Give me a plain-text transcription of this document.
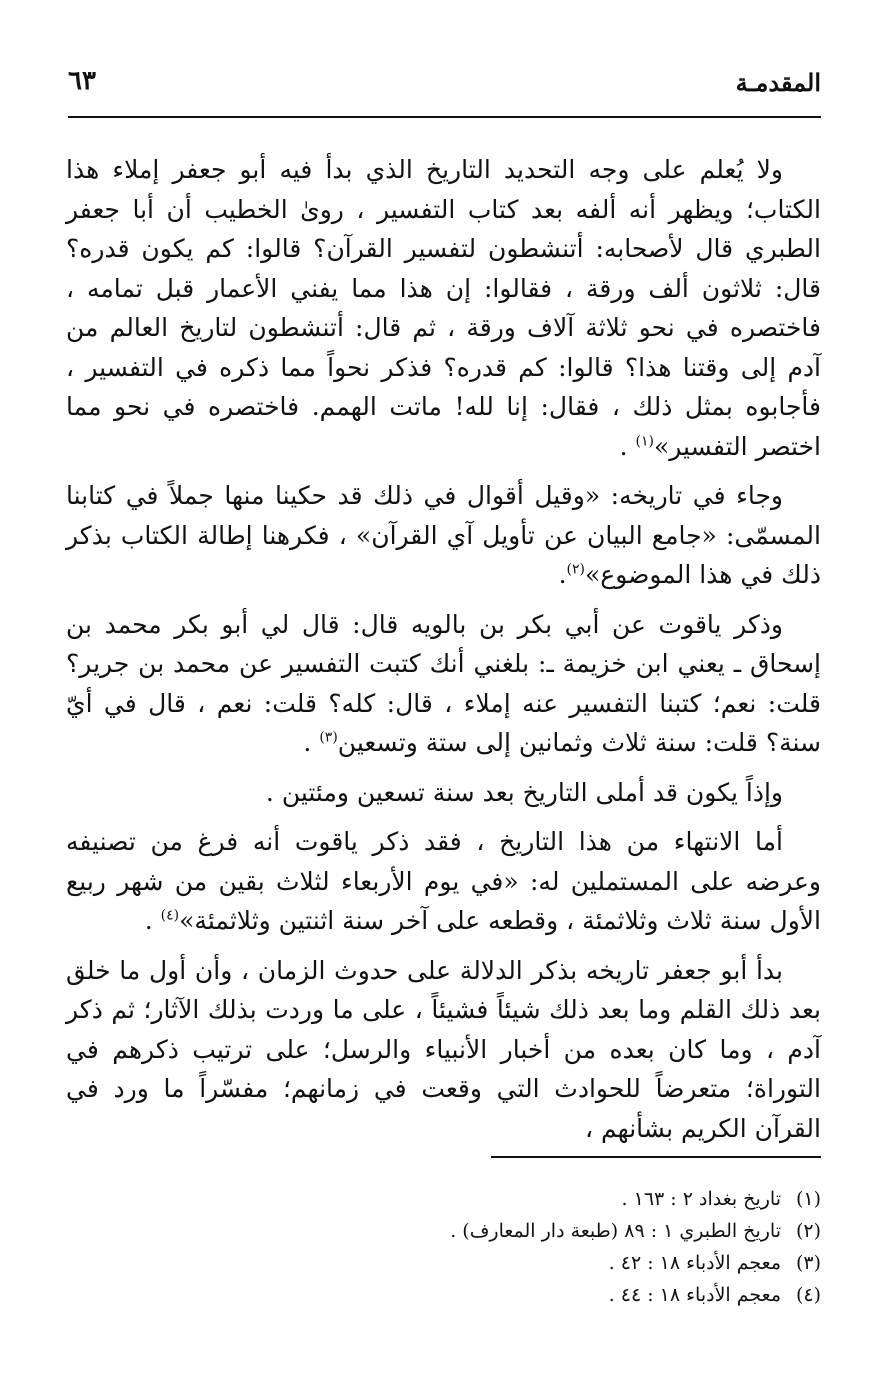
المقدمـة
٦٣

ولا يُعلم على وجه التحديد التاريخ الذي بدأ فيه أبو جعفر إملاء هذا الكتاب؛ ويظهر أنه ألفه بعد كتاب التفسير ، روىٰ الخطيب أن أبا جعفر الطبري قال لأصحابه: أتنشطون لتفسير القرآن؟ قالوا: كم يكون قدره؟ قال: ثلاثون ألف ورقة ، فقالوا: إن هذا مما يفني الأعمار قبل تمامه ، فاختصره في نحو ثلاثة آلاف ورقة ، ثم قال: أتنشطون لتاريخ العالم من آدم إلى وقتنا هذا؟ قالوا: كم قدره؟ فذكر نحواً مما ذكره في التفسير ، فأجابوه بمثل ذلك ، فقال: إنا لله! ماتت الهمم. فاختصره في نحو مما اختصر التفسير»$^{(١)}$ .

وجاء في تاريخه: «وقيل أقوال في ذلك قد حكينا منها جملاً في كتابنا المسمّى: «جامع البيان عن تأويل آي القرآن» ، فكرهنا إطالة الكتاب بذكر ذلك في هذا الموضوع»$^{(٢)}$.

وذكر ياقوت عن أبي بكر بن بالويه قال: قال لي أبو بكر محمد بن إسحاق ـ يعني ابن خزيمة ـ: بلغني أنك كتبت التفسير عن محمد بن جرير؟ قلت: نعم؛ كتبنا التفسير عنه إملاء ، قال: كله؟ قلت: نعم ، قال في أيّ سنة؟ قلت: سنة ثلاث وثمانين إلى ستة وتسعين$^{(٣)}$ .

وإذاً يكون قد أملى التاريخ بعد سنة تسعين ومئتين .

أما الانتهاء من هذا التاريخ ، فقد ذكر ياقوت أنه فرغ من تصنيفه وعرضه على المستملين له: «في يوم الأربعاء لثلاث بقين من شهر ربيع الأول سنة ثلاث وثلاثمئة ، وقطعه على آخر سنة اثنتين وثلاثمئة»$^{(٤)}$ .

بدأ أبو جعفر تاريخه بذكر الدلالة على حدوث الزمان ، وأن أول ما خلق بعد ذلك القلم وما بعد ذلك شيئاً فشيئاً ، على ما وردت بذلك الآثار؛ ثم ذكر آدم ، وما كان بعده من أخبار الأنبياء والرسل؛ على ترتيب ذكرهم في التوراة؛ متعرضاً للحوادث التي وقعت في زمانهم؛ مفسّراً ما ورد في القرآن الكريم بشأنهم ،

(١)تاريخ بغداد ٢ : ١٦٣ .
(٢)تاريخ الطبري ١ : ٨٩ (طبعة دار المعارف) .
(٣)معجم الأدباء ١٨ : ٤٢ .
(٤)معجم الأدباء ١٨ : ٤٤ .
